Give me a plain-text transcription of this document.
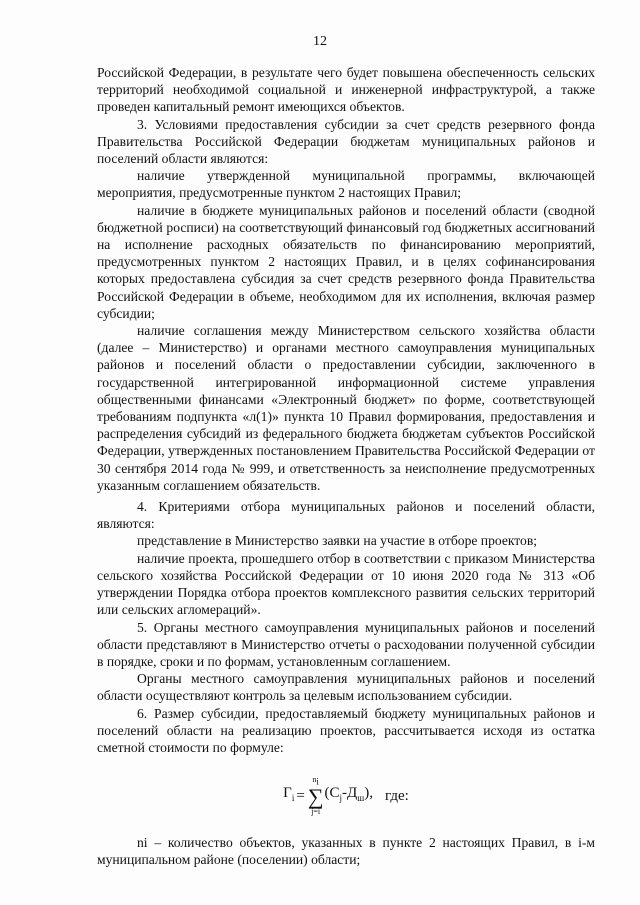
12

Российской Федерации, в результате чего будет повышена обеспеченность сельских территорий необходимой социальной и инженерной инфраструктурой, а также проведен капитальный ремонт имеющихся объектов.

3. Условиями предоставления субсидии за счет средств резервного фонда Правительства Российской Федерации бюджетам муниципальных районов и поселений области являются:

наличие утвержденной муниципальной программы, включающей мероприятия, предусмотренные пунктом 2 настоящих Правил;

наличие в бюджете муниципальных районов и поселений области (сводной бюджетной росписи) на соответствующий финансовый год бюджетных ассигнований на исполнение расходных обязательств по финансированию мероприятий, предусмотренных пунктом 2 настоящих Правил, и в целях софинансирования которых предоставлена субсидия за счет средств резервного фонда Правительства Российской Федерации в объеме, необходимом для их исполнения, включая размер субсидии;

наличие соглашения между Министерством сельского хозяйства области (далее – Министерство) и органами местного самоуправления муниципальных районов и поселений области о предоставлении субсидии, заключенного в государственной интегрированной информационной системе управления общественными финансами «Электронный бюджет» по форме, соответствующей требованиям подпункта «л(1)» пункта 10 Правил формирования, предоставления и распределения субсидий из федерального бюджета бюджетам субъектов Российской Федерации, утвержденных постановлением Правительства Российской Федерации от 30 сентября 2014 года № 999, и ответственность за неисполнение предусмотренных указанным соглашением обязательств.

4. Критериями отбора муниципальных районов и поселений области, являются:

представление в Министерство заявки на участие в отборе проектов;

наличие проекта, прошедшего отбор в соответствии с приказом Министерства сельского хозяйства Российской Федерации от 10 июня 2020 года № 313 «Об утверждении Порядка отбора проектов комплексного развития сельских территорий или сельских агломераций».

5. Органы местного самоуправления муниципальных районов и поселений области представляют в Министерство отчеты о расходовании полученной субсидии в порядке, сроки и по формам, установленным соглашением.

Органы местного самоуправления муниципальных районов и поселений области осуществляют контроль за целевым использованием субсидии.

6. Размер субсидии, предоставляемый бюджету муниципальных районов и поселений области на реализацию проектов, рассчитывается исходя из остатка сметной стоимости по формуле:

$Г_i$ =
$n_i$
∑
j=i
$(С_j-Д_ш)$, где:

ni – количество объектов, указанных в пункте 2 настоящих Правил, в i-м муниципальном районе (поселении) области;
